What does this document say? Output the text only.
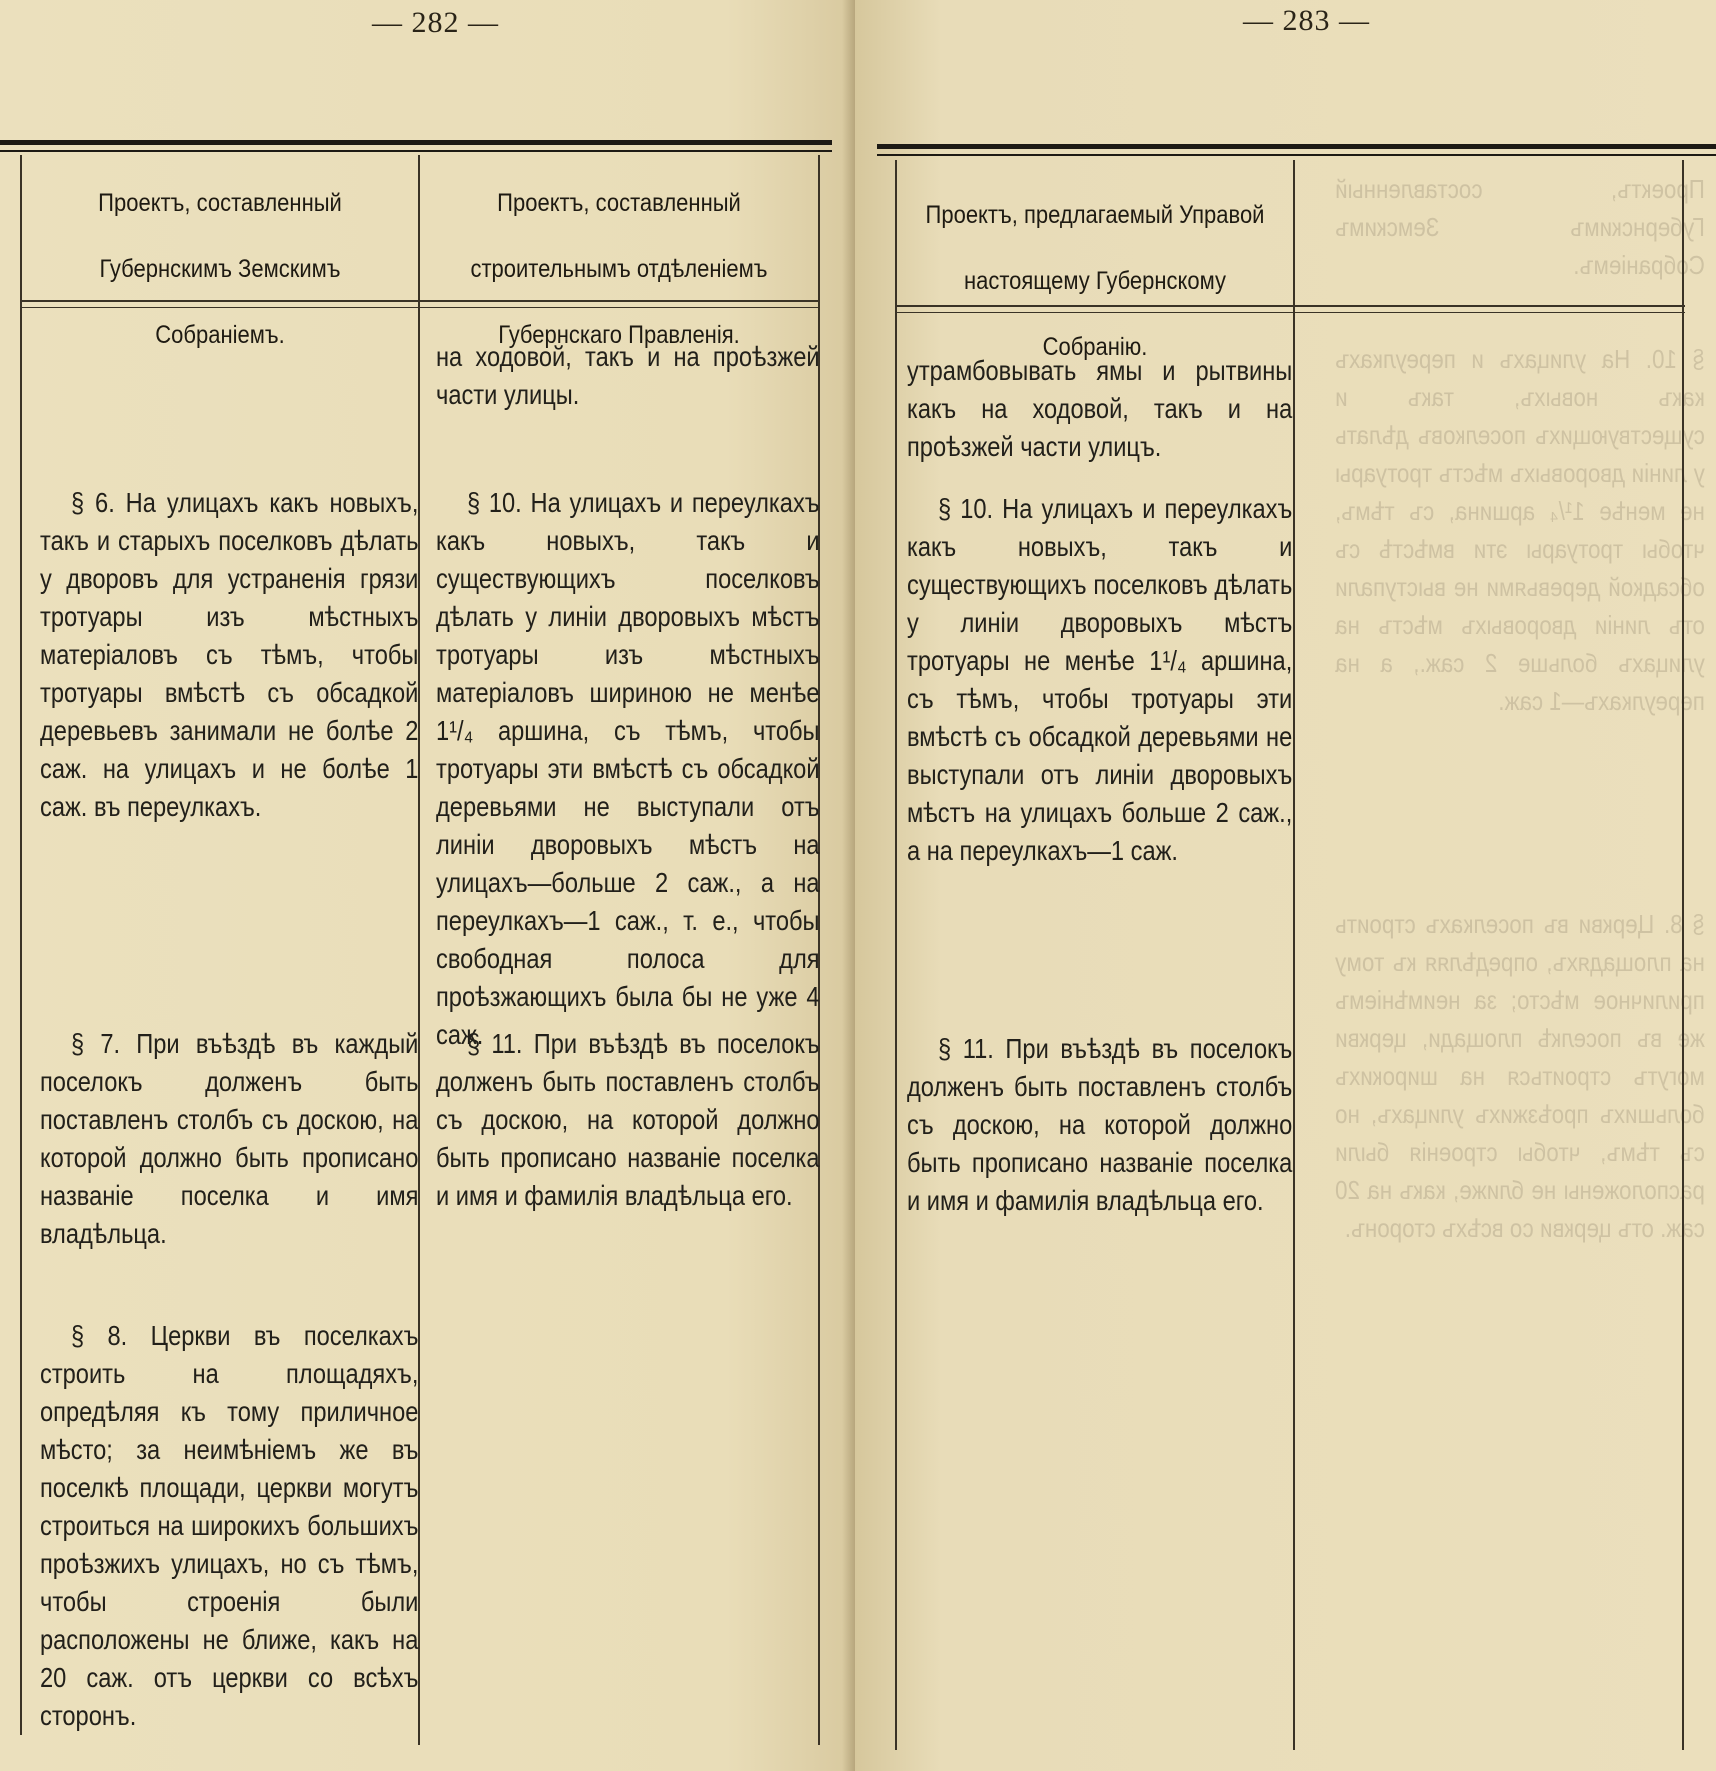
— 282 —
Проектъ, составленный Губернскимъ Земскимъ Собраніемъ.
Проектъ, составленный строительнымъ отдѣленіемъ Губернскаго Правленія.

§ 6. На улицахъ какъ новыхъ, такъ и старыхъ поселковъ дѣлать у дворовъ для устраненія грязи тротуары изъ мѣстныхъ матеріаловъ съ тѣмъ, чтобы тротуары вмѣстѣ съ обсадкой деревьевъ занимали не болѣе 2 саж. на улицахъ и не болѣе 1 саж. въ переулкахъ.

§ 7. При въѣздѣ въ каждый поселокъ долженъ быть поставленъ столбъ съ доскою, на которой должно быть прописано названіе поселка и имя владѣльца.

§ 8. Церкви въ поселкахъ строить на площадяхъ, опредѣляя къ тому приличное мѣсто; за неимѣніемъ же въ поселкѣ площади, церкви могутъ строиться на широкихъ большихъ проѣзжихъ улицахъ, но съ тѣмъ, чтобы строенія были расположены не ближе, какъ на 20 саж. отъ церкви со всѣхъ сторонъ.

на ходовой, такъ и на проѣзжей части улицы.

§ 10. На улицахъ и переулкахъ какъ новыхъ, такъ и существующихъ поселковъ дѣлать у линіи дворовыхъ мѣстъ тротуары изъ мѣстныхъ матеріаловъ шириною не менѣе 1¹/₄ аршина, съ тѣмъ, чтобы тротуары эти вмѣстѣ съ обсадкой деревьями не выступали отъ линіи дворовыхъ мѣстъ на улицахъ—больше 2 саж., а на переулкахъ—1 саж., т. е., чтобы свободная полоса для проѣзжающихъ была бы не уже 4 саж.

§ 11. При въѣздѣ въ поселокъ долженъ быть поставленъ столбъ съ доскою, на которой должно быть прописано названіе поселка и имя и фамилія владѣльца его.

— 283 —
Проектъ, предлагаемый Управой настоящему Губернскому Собранію.

утрамбовывать ямы и рытвины какъ на ходовой, такъ и на проѣзжей части улицъ.

§ 10. На улицахъ и переулкахъ какъ новыхъ, такъ и существующихъ поселковъ дѣлать у линіи дворовыхъ мѣстъ тротуары не менѣе 1¹/₄ аршина, съ тѣмъ, чтобы тротуары эти вмѣстѣ съ обсадкой деревьями не выступали отъ линіи дворовыхъ мѣстъ на улицахъ больше 2 саж., а на переулкахъ—1 саж.

§ 11. При въѣздѣ въ поселокъ долженъ быть поставленъ столбъ съ доскою, на которой должно быть прописано названіе поселка и имя и фамилія владѣльца его.

Проектъ, составленный Губернскимъ Земскимъ Собраніемъ.
§ 10. На улицахъ и переулкахъ какъ новыхъ, такъ и существующихъ поселковъ дѣлать у линіи дворовыхъ мѣстъ тротуары не менѣе 1¹/₄ аршина, съ тѣмъ, чтобы тротуары эти вмѣстѣ съ обсадкой деревьями не выступали отъ линіи дворовыхъ мѣстъ на улицахъ больше 2 саж., а на переулкахъ—1 саж.
§ 8. Церкви въ поселкахъ строить на площадяхъ, опредѣляя къ тому приличное мѣсто; за неимѣніемъ же въ поселкѣ площади, церкви могутъ строиться на широкихъ большихъ проѣзжихъ улицахъ, но съ тѣмъ, чтобы строенія были расположены не ближе, какъ на 20 саж. отъ церкви со всѣхъ сторонъ.
